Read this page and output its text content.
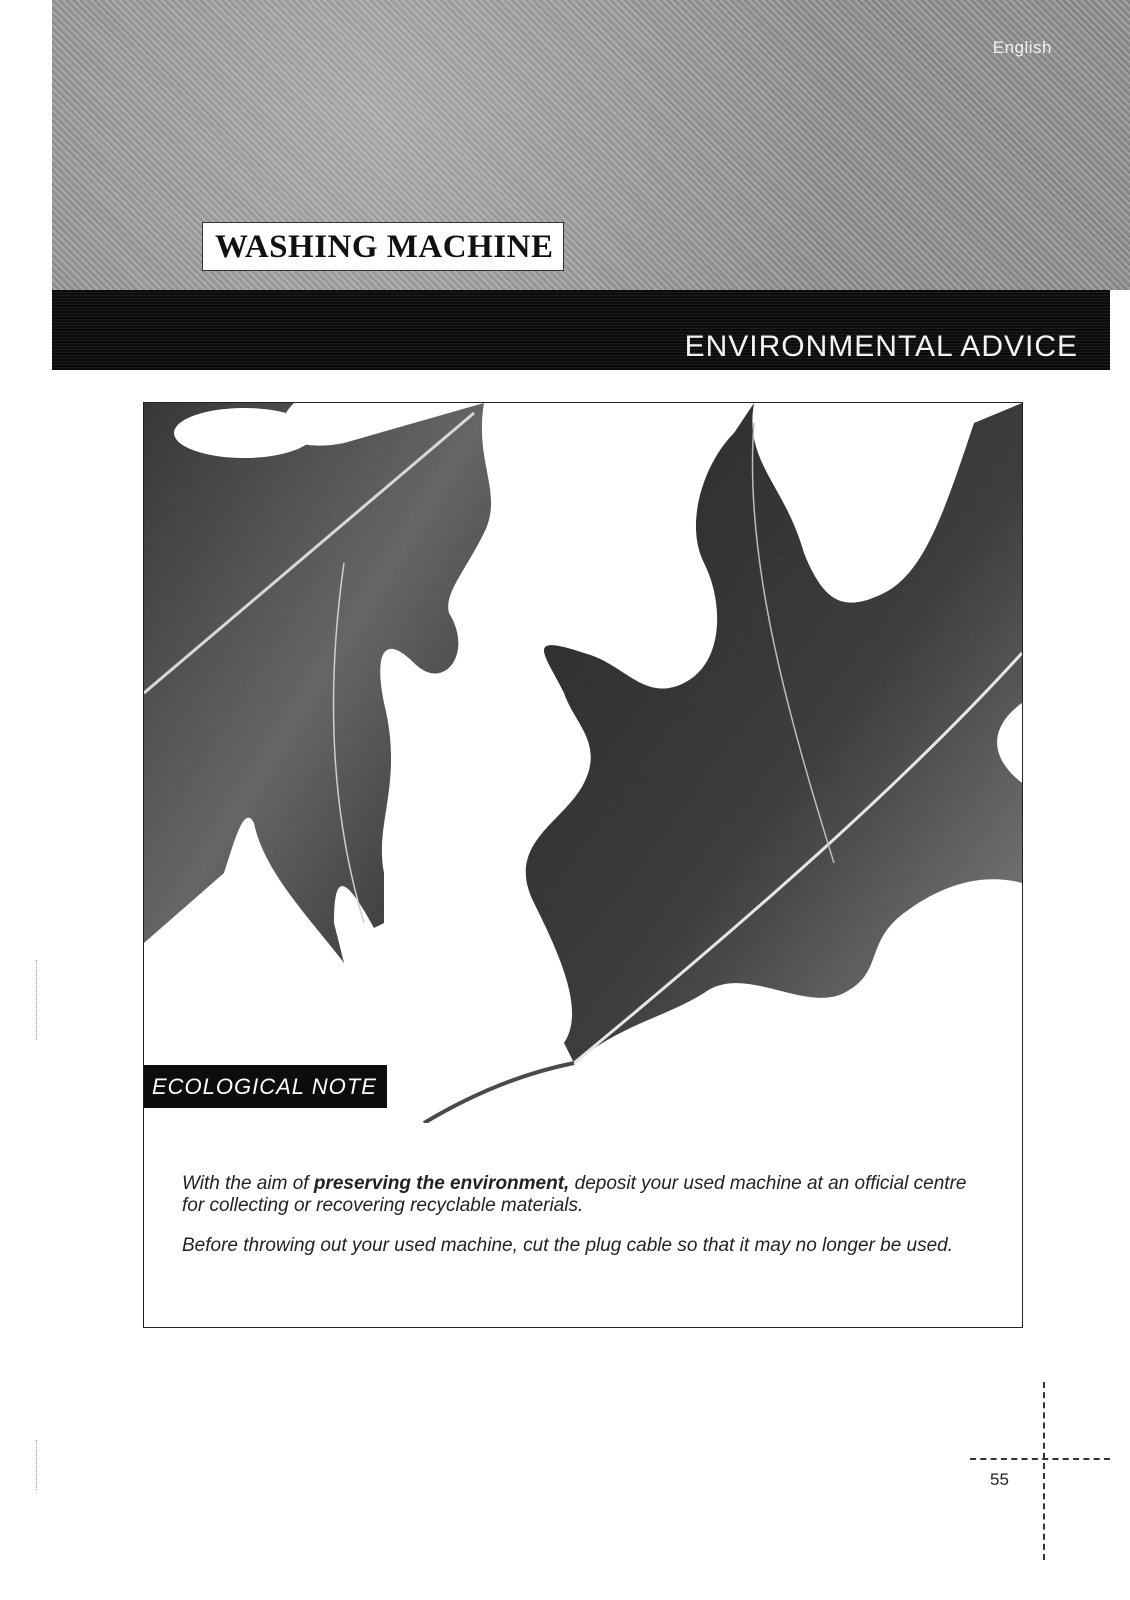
English
WASHING MACHINE
ENVIRONMENTAL ADVICE
ECOLOGICAL NOTE

With the aim of preserving the environment, deposit your used machine at an official centre for collecting or recovering recyclable materials.

Before throwing out your used machine, cut the plug cable so that it may no longer be used.

55
